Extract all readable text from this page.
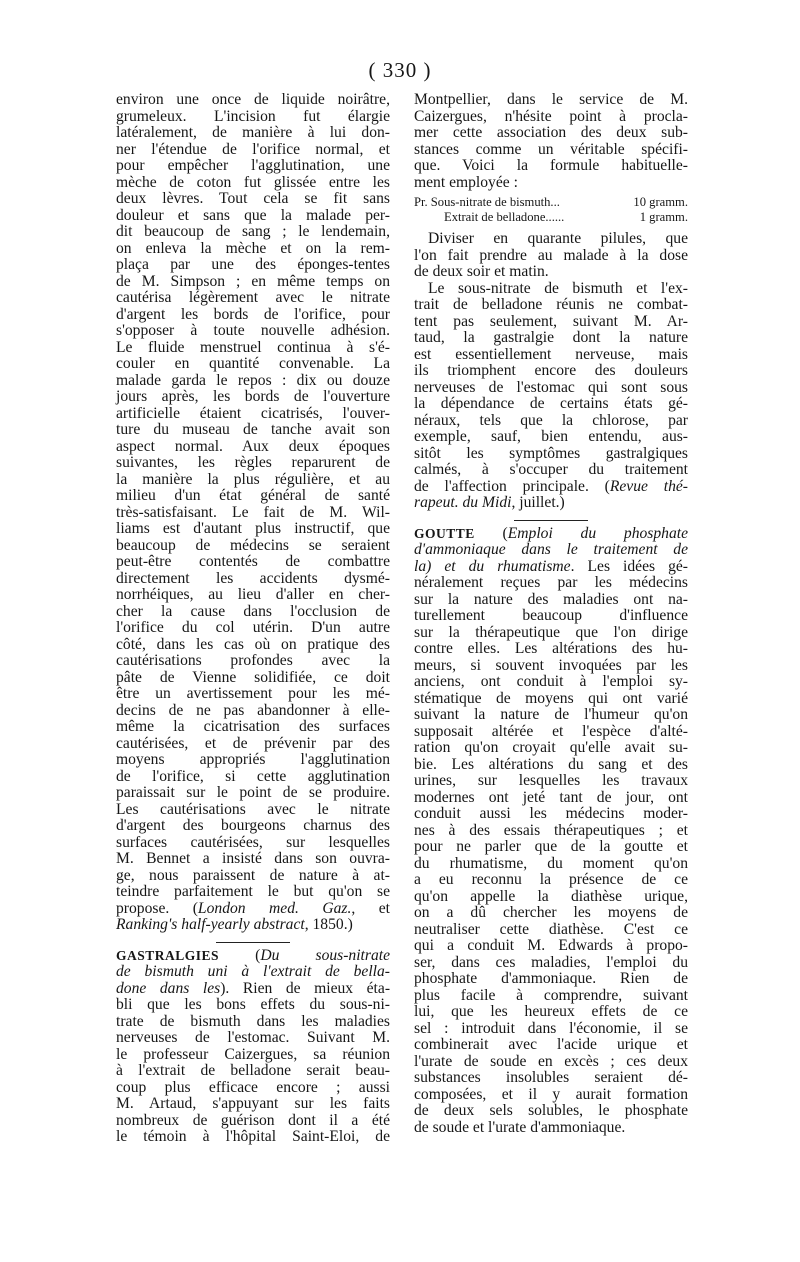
( 330 )
environ une once de liquide noirâtre,
grumeleux. L'incision fut élargie
latéralement, de manière à lui don-
ner l'étendue de l'orifice normal, et
pour empêcher l'agglutination, une
mèche de coton fut glissée entre les
deux lèvres. Tout cela se fit sans
douleur et sans que la malade per-
dit beaucoup de sang ; le lendemain,
on enleva la mèche et on la rem-
plaça par une des éponges-tentes
de M. Simpson ; en même temps on
cautérisa légèrement avec le nitrate
d'argent les bords de l'orifice, pour
s'opposer à toute nouvelle adhésion.
Le fluide menstruel continua à s'é-
couler en quantité convenable. La
malade garda le repos : dix ou douze
jours après, les bords de l'ouverture
artificielle étaient cicatrisés, l'ouver-
ture du museau de tanche avait son
aspect normal. Aux deux époques
suivantes, les règles reparurent de
la manière la plus régulière, et au
milieu d'un état général de santé
très-satisfaisant. Le fait de M. Wil-
liams est d'autant plus instructif, que
beaucoup de médecins se seraient
peut-être contentés de combattre
directement les accidents dysmé-
norrhéiques, au lieu d'aller en cher-
cher la cause dans l'occlusion de
l'orifice du col utérin. D'un autre
côté, dans les cas où on pratique des
cautérisations profondes avec la
pâte de Vienne solidifiée, ce doit
être un avertissement pour les mé-
decins de ne pas abandonner à elle-
même la cicatrisation des surfaces
cautérisées, et de prévenir par des
moyens appropriés l'agglutination
de l'orifice, si cette agglutination
paraissait sur le point de se produire.
Les cautérisations avec le nitrate
d'argent des bourgeons charnus des
surfaces cautérisées, sur lesquelles
M. Bennet a insisté dans son ouvra-
ge, nous paraissent de nature à at-
teindre parfaitement le but qu'on se
propose. (London med. Gaz., et
Ranking's half-yearly abstract, 1850.)
GASTRALGIES (Du sous-nitrate
de bismuth uni à l'extrait de bella-
done dans les). Rien de mieux éta-
bli que les bons effets du sous-ni-
trate de bismuth dans les maladies
nerveuses de l'estomac. Suivant M.
le professeur Caizergues, sa réunion
à l'extrait de belladone serait beau-
coup plus efficace encore ; aussi
M. Artaud, s'appuyant sur les faits
nombreux de guérison dont il a été
le témoin à l'hôpital Saint-Eloi, de
Montpellier, dans le service de M.
Caizergues, n'hésite point à procla-
mer cette association des deux sub-
stances comme un véritable spécifi-
que. Voici la formule habituelle-
ment employée :
Pr. Sous-nitrate de bismuth...	10 gramm.
Extrait de belladone......	1 gramm.
Diviser en quarante pilules, que
l'on fait prendre au malade à la dose
de deux soir et matin.
Le sous-nitrate de bismuth et l'ex-
trait de belladone réunis ne combat-
tent pas seulement, suivant M. Ar-
taud, la gastralgie dont la nature
est essentiellement nerveuse, mais
ils triomphent encore des douleurs
nerveuses de l'estomac qui sont sous
la dépendance de certains états gé-
néraux, tels que la chlorose, par
exemple, sauf, bien entendu, aus-
sitôt les symptômes gastralgiques
calmés, à s'occuper du traitement
de l'affection principale. (Revue thé-
rapeut. du Midi, juillet.)
GOUTTE (Emploi du phosphate
d'ammoniaque dans le traitement de
la) et du rhumatisme. Les idées gé-
néralement reçues par les médecins
sur la nature des maladies ont na-
turellement beaucoup d'influence
sur la thérapeutique que l'on dirige
contre elles. Les altérations des hu-
meurs, si souvent invoquées par les
anciens, ont conduit à l'emploi sy-
stématique de moyens qui ont varié
suivant la nature de l'humeur qu'on
supposait altérée et l'espèce d'alté-
ration qu'on croyait qu'elle avait su-
bie. Les altérations du sang et des
urines, sur lesquelles les travaux
modernes ont jeté tant de jour, ont
conduit aussi les médecins moder-
nes à des essais thérapeutiques ; et
pour ne parler que de la goutte et
du rhumatisme, du moment qu'on
a eu reconnu la présence de ce
qu'on appelle la diathèse urique,
on a dû chercher les moyens de
neutraliser cette diathèse. C'est ce
qui a conduit M. Edwards à propo-
ser, dans ces maladies, l'emploi du
phosphate d'ammoniaque. Rien de
plus facile à comprendre, suivant
lui, que les heureux effets de ce
sel : introduit dans l'économie, il se
combinerait avec l'acide urique et
l'urate de soude en excès ; ces deux
substances insolubles seraient dé-
composées, et il y aurait formation
de deux sels solubles, le phosphate
de soude et l'urate d'ammoniaque.
